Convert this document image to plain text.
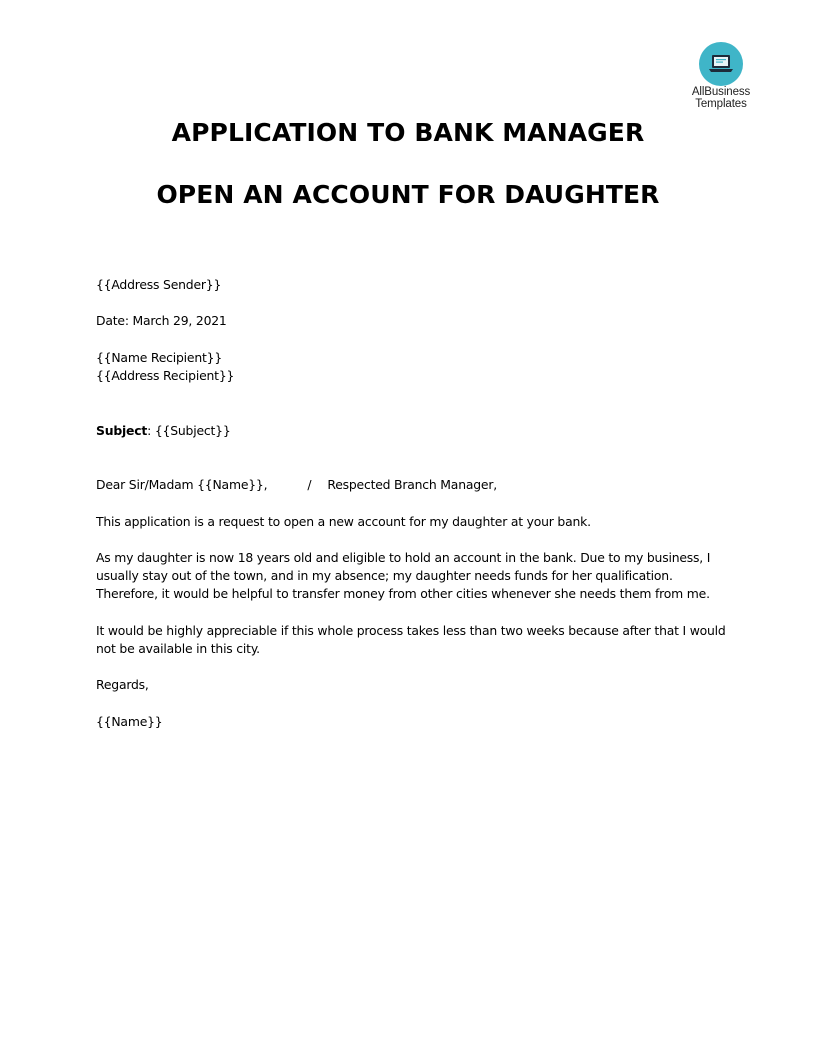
AllBusiness
Templates
APPLICATION TO BANK MANAGER
OPEN AN ACCOUNT FOR DAUGHTER

{{Address Sender}}

Date: March 29, 2021

{{Name Recipient}}
{{Address Recipient}}

Subject: {{Subject}}

Dear Sir/Madam {{Name}},	/ Respected Branch Manager,

This application is a request to open a new account for my daughter at your bank.

As my daughter is now 18 years old and eligible to hold an account in the bank. Due to my business, I
usually stay out of the town, and in my absence; my daughter needs funds for her qualification.
Therefore, it would be helpful to transfer money from other cities whenever she needs them from me.

It would be highly appreciable if this whole process takes less than two weeks because after that I would
not be available in this city.

Regards,

{{Name}}
